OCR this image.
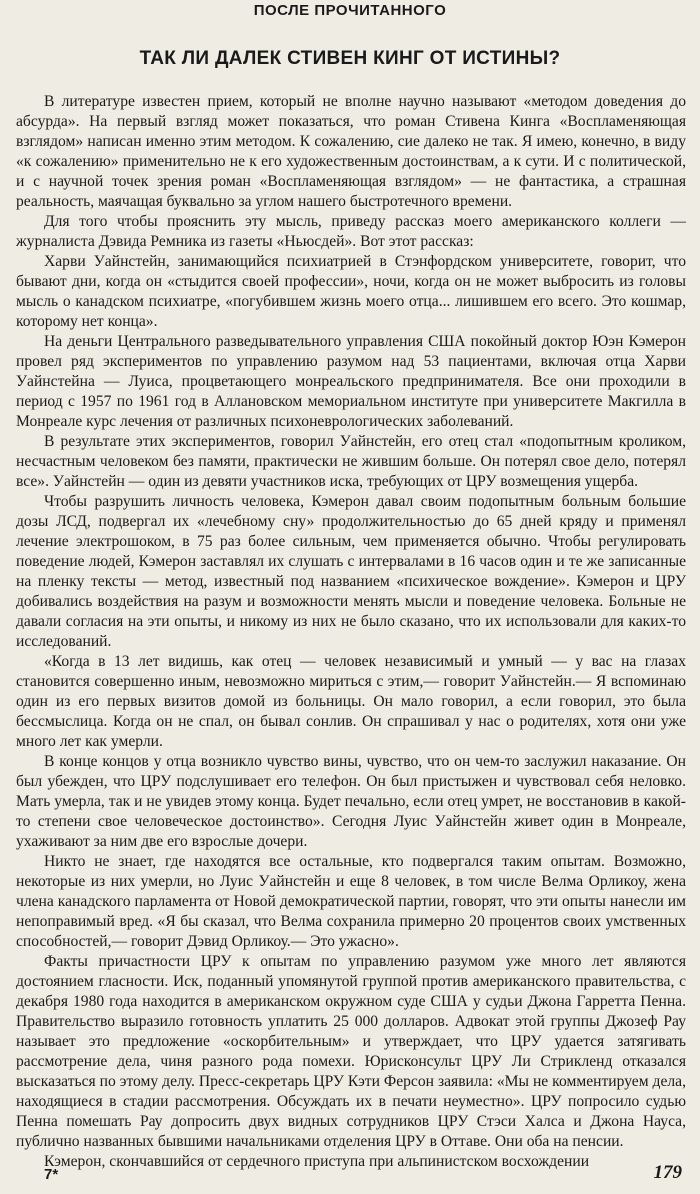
ПОСЛЕ ПРОЧИТАННОГО
ТАК ЛИ ДАЛЕК СТИВЕН КИНГ ОТ ИСТИНЫ?

В литературе известен прием, который не вполне научно называют «методом доведения до абсурда». На первый взгляд может показаться, что роман Стивена Кинга «Воспламеняющая взглядом» написан именно этим методом. К сожалению, сие далеко не так. Я имею, конечно, в виду «к сожалению» применительно не к его художественным достоинствам, а к сути. И с политической, и с научной точек зрения роман «Воспламеняющая взглядом» — не фантастика, а страшная реальность, маячащая буквально за углом нашего быстротечного времени.

Для того чтобы прояснить эту мысль, приведу рассказ моего американского коллеги — журналиста Дэвида Ремника из газеты «Ньюсдей». Вот этот рассказ:

Харви Уайнстейн, занимающийся психиатрией в Стэнфордском университете, говорит, что бывают дни, когда он «стыдится своей профессии», ночи, когда он не может выбросить из головы мысль о канадском психиатре, «погубившем жизнь моего отца... лишившем его всего. Это кошмар, которому нет конца».

На деньги Центрального разведывательного управления США покойный доктор Юэн Кэмерон провел ряд экспериментов по управлению разумом над 53 пациентами, включая отца Харви Уайнстейна — Луиса, процветающего монреальского предпринимателя. Все они проходили в период с 1957 по 1961 год в Аллановском мемориальном институте при университете Макгилла в Монреале курс лечения от различных психоневрологических заболеваний.

В результате этих экспериментов, говорил Уайнстейн, его отец стал «подопытным кроликом, несчастным человеком без памяти, практически не жившим больше. Он потерял свое дело, потерял все». Уайнстейн — один из девяти участников иска, требующих от ЦРУ возмещения ущерба.

Чтобы разрушить личность человека, Кэмерон давал своим подопытным больным большие дозы ЛСД, подвергал их «лечебному сну» продолжительностью до 65 дней кряду и применял лечение электрошоком, в 75 раз более сильным, чем применяется обычно. Чтобы регулировать поведение людей, Кэмерон заставлял их слушать с интервалами в 16 часов один и те же записанные на пленку тексты — метод, известный под названием «психическое вождение». Кэмерон и ЦРУ добивались воздействия на разум и возможности менять мысли и поведение человека. Больные не давали согласия на эти опыты, и никому из них не было сказано, что их использовали для каких-то исследований.

«Когда в 13 лет видишь, как отец — человек независимый и умный — у вас на глазах становится совершенно иным, невозможно мириться с этим,— говорит Уайнстейн.— Я вспоминаю один из его первых визитов домой из больницы. Он мало говорил, а если говорил, это была бессмыслица. Когда он не спал, он бывал сонлив. Он спрашивал у нас о родителях, хотя они уже много лет как умерли.

В конце концов у отца возникло чувство вины, чувство, что он чем-то заслужил наказание. Он был убежден, что ЦРУ подслушивает его телефон. Он был пристыжен и чувствовал себя неловко. Мать умерла, так и не увидев этому конца. Будет печально, если отец умрет, не восстановив в какой-то степени свое человеческое достоинство». Сегодня Луис Уайнстейн живет один в Монреале, ухаживают за ним две его взрослые дочери.

Никто не знает, где находятся все остальные, кто подвергался таким опытам. Возможно, некоторые из них умерли, но Луис Уайнстейн и еще 8 человек, в том числе Велма Орликоу, жена члена канадского парламента от Новой демократической партии, говорят, что эти опыты нанесли им непоправимый вред. «Я бы сказал, что Велма сохранила примерно 20 процентов своих умственных способностей,— говорит Дэвид Орликоу.— Это ужасно».

Факты причастности ЦРУ к опытам по управлению разумом уже много лет являются достоянием гласности. Иск, поданный упомянутой группой против американского правительства, с декабря 1980 года находится в американском окружном суде США у судьи Джона Гарретта Пенна. Правительство выразило готовность уплатить 25 000 долларов. Адвокат этой группы Джозеф Рау называет это предложение «оскорбительным» и утверждает, что ЦРУ удается затягивать рассмотрение дела, чиня разного рода помехи. Юрисконсульт ЦРУ Ли Стрикленд отказался высказаться по этому делу. Пресс-секретарь ЦРУ Кэти Ферсон заявила: «Мы не комментируем дела, находящиеся в стадии рассмотрения. Обсуждать их в печати неуместно». ЦРУ попросило судью Пенна помешать Рау допросить двух видных сотрудников ЦРУ Стэси Халса и Джона Науса, публично названных бывшими начальниками отделения ЦРУ в Оттаве. Они оба на пенсии.

Кэмерон, скончавшийся от сердечного приступа при альпинистском восхождении

7*	179
